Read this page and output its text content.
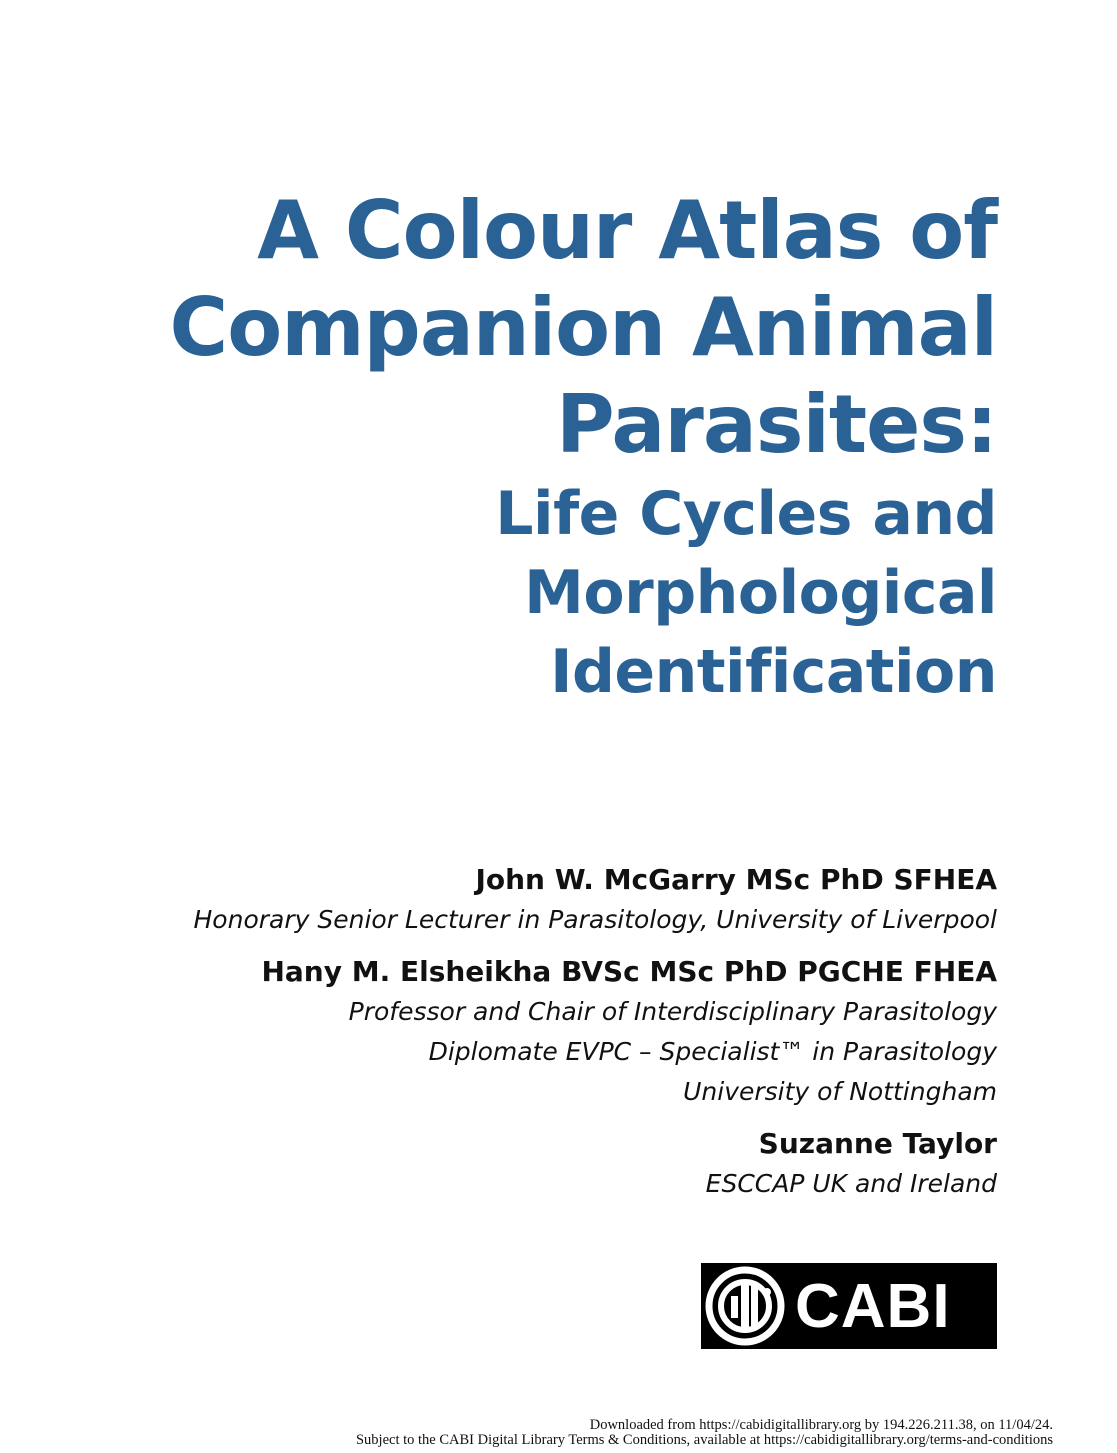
A Colour Atlas of
Companion Animal
Parasites:
Life Cycles and
Morphological
Identification

John W. McGarry MSc PhD SFHEA

Honorary Senior Lecturer in Parasitology, University of Liverpool

Hany M. Elsheikha BVSc MSc PhD PGCHE FHEA

Professor and Chair of Interdisciplinary Parasitology
Diplomate EVPC – Specialist™ in Parasitology
University of Nottingham

Suzanne Taylor

ESCCAP UK and Ireland

CABI
Downloaded from https://cabidigitallibrary.org by 194.226.211.38, on 11/04/24.
Subject to the CABI Digital Library Terms & Conditions, available at https://cabidigitallibrary.org/terms-and-conditions
